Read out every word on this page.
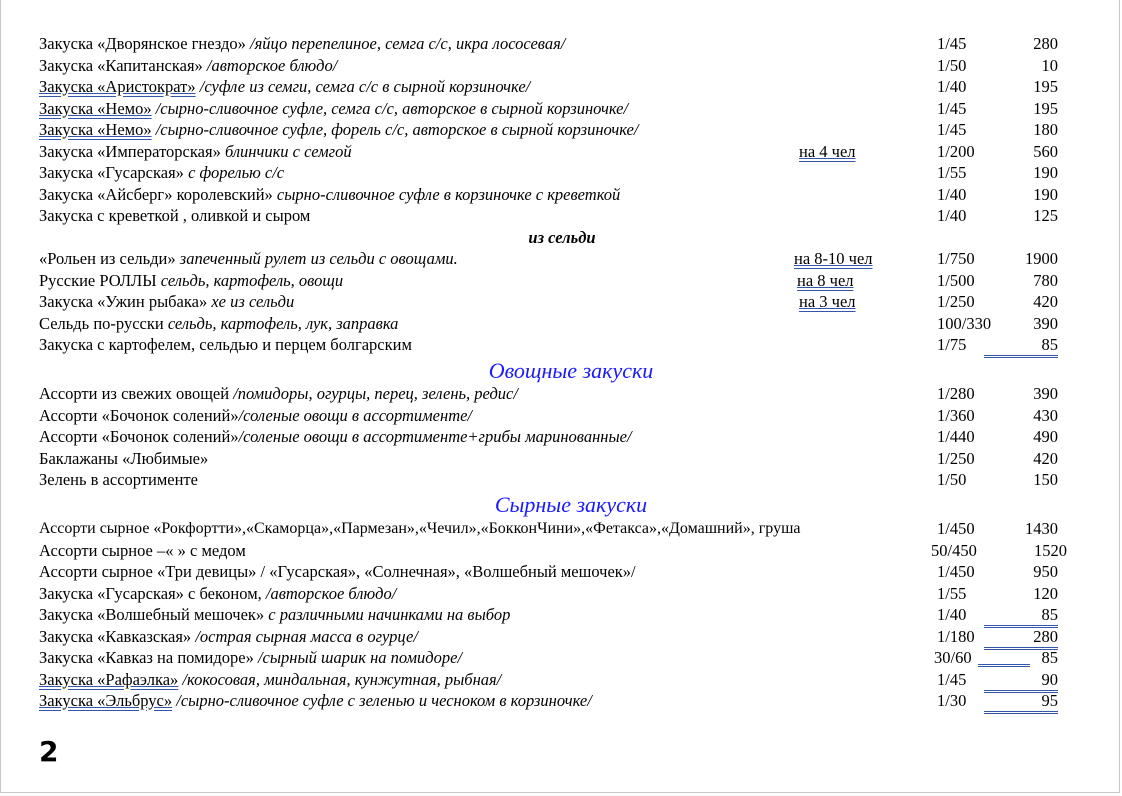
Закуска «Дворянское гнездо» /яйцо перепелиное, семга с/с, икра лососевая/	1/45	280
Закуска «Капитанская» /авторское блюдо/	1/50	10
Закуска «Аристократ» /суфле из семги, семга с/с в сырной корзиночке/	1/40	195
Закуска «Немо» /сырно-сливочное суфле, семга с/с, авторское в сырной корзиночке/	1/45	195
Закуска «Немо» /сырно-сливочное суфле, форель с/с, авторское в сырной корзиночке/	1/45	180
Закуска «Императорская» блинчики с семгой	на 4 чел	1/200	560
Закуска «Гусарская» с форелью с/с	1/55	190
Закуска «Айсберг» королевский» сырно-сливочное суфле в корзиночке с креветкой	1/40	190
Закуска с креветкой , оливкой и сыром	1/40	125
из сельди
«Рольен из сельди» запеченный рулет из сельди с овощами.	на 8-10 чел	1/750	1900
Русские РОЛЛЫ сельдь, картофель, овощи	на 8 чел	1/500	780
Закуска «Ужин рыбака» хе из сельди	на 3 чел	1/250	420
Сельдь по-русски сельдь, картофель, лук, заправка	100/330	390
Закуска с картофелем, сельдью и перцем болгарским	1/75	85
Овощные закуски
Ассорти из свежих овощей /помидоры, огурцы, перец, зелень, редис/	1/280	390
Ассорти «Бочонок солений»/соленые овощи в ассортименте/	1/360	430
Ассорти «Бочонок солений»/соленые овощи в ассортименте+грибы маринованные/	1/440	490
Баклажаны «Любимые»	1/250	420
Зелень в ассортименте	1/50	150
Сырные закуски
Ассорти сырное «Рокфортти»,«Скаморца»,«Пармезан»,«Чечил»,«БокконЧини»,«Фетакса»,«Домашний», груша	1/450	1430
Ассорти сырное –« » с медом	50/450	1520
Ассорти сырное «Три девицы» / «Гусарская», «Солнечная», «Волшебный мешочек»/	1/450	950
Закуска «Гусарская» с беконом, /авторское блюдо/	1/55	120
Закуска «Волшебный мешочек» с различными начинками на выбор	1/40	85
Закуска «Кавказская» /острая сырная масса в огурце/	1/180	280
Закуска «Кавказ на помидоре» /сырный шарик на помидоре/	30/60	85
Закуска «Рафаэлка» /кокосовая, миндальная, кунжутная, рыбная/	1/45	90
Закуска «Эльбрус» /сырно-сливочное суфле с зеленью и чесноком в корзиночке/	1/30	95
2
